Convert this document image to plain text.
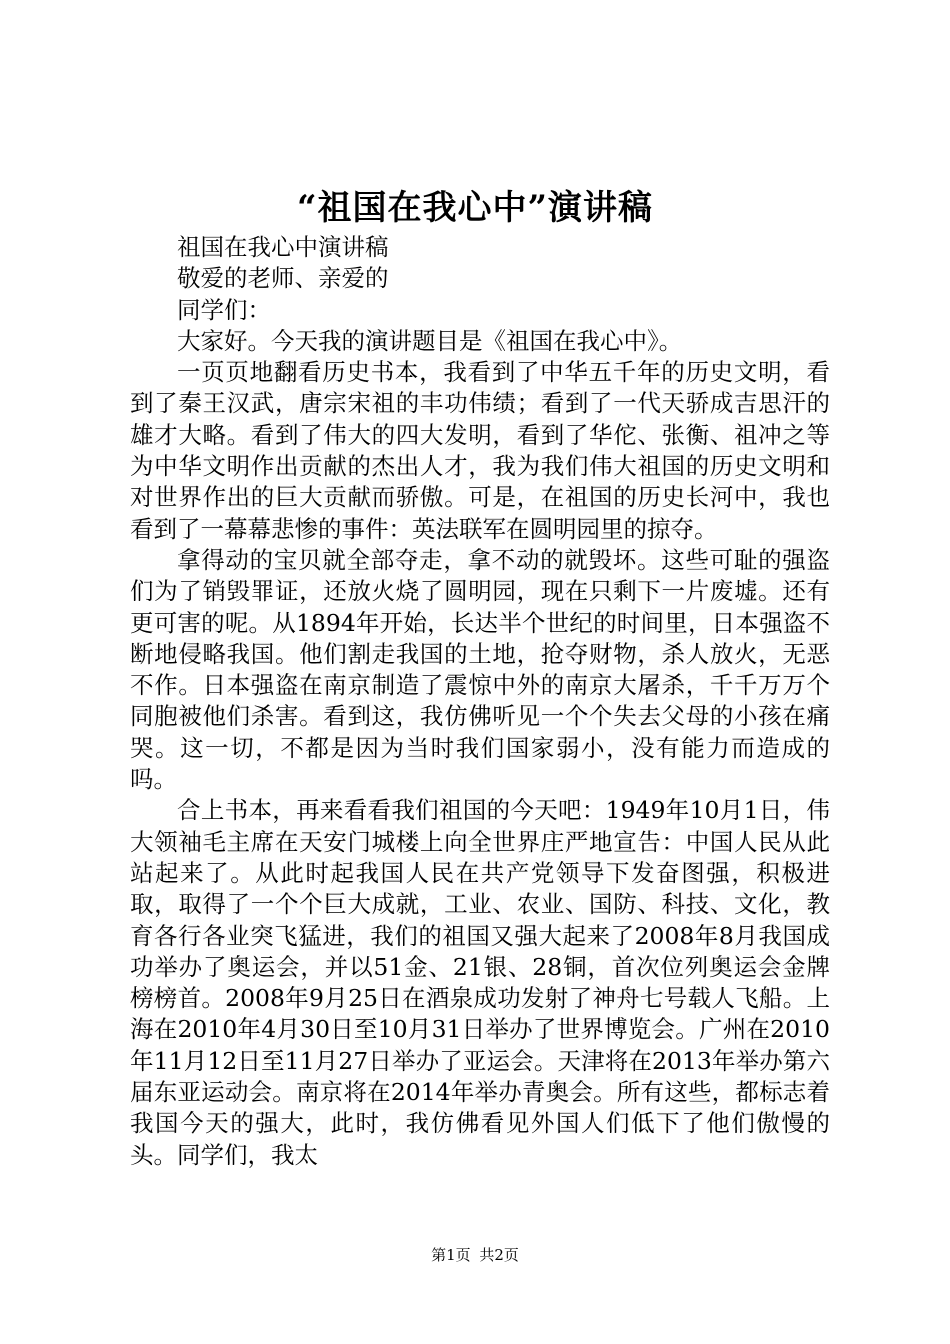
“祖国在我心中”演讲稿

祖国在我心中演讲稿

敬爱的老师、亲爱的

同学们：

大家好。今天我的演讲题目是《祖国在我心中》。

一页页地翻看历史书本，我看到了中华五千年的历史文明，看到了秦王汉武，唐宗宋祖的丰功伟绩；看到了一代天骄成吉思汗的雄才大略。看到了伟大的四大发明，看到了华佗、张衡、祖冲之等为中华文明作出贡献的杰出人才，我为我们伟大祖国的历史文明和对世界作出的巨大贡献而骄傲。可是，在祖国的历史长河中，我也看到了一幕幕悲惨的事件：英法联军在圆明园里的掠夺。

拿得动的宝贝就全部夺走，拿不动的就毁坏。这些可耻的强盗们为了销毁罪证，还放火烧了圆明园，现在只剩下一片废墟。还有更可害的呢。从1894年开始，长达半个世纪的时间里，日本强盗不断地侵略我国。他们割走我国的土地，抢夺财物，杀人放火，无恶不作。日本强盗在南京制造了震惊中外的南京大屠杀，千千万万个同胞被他们杀害。看到这，我仿佛听见一个个失去父母的小孩在痛哭。这一切，不都是因为当时我们国家弱小，没有能力而造成的吗。

合上书本，再来看看我们祖国的今天吧：1949年10月1日，伟大领袖毛主席在天安门城楼上向全世界庄严地宣告：中国人民从此站起来了。从此时起我国人民在共产党领导下发奋图强，积极进取，取得了一个个巨大成就，工业、农业、国防、科技、文化，教育各行各业突飞猛进，我们的祖国又强大起来了2008年8月我国成功举办了奥运会，并以51金、21银、28铜，首次位列奥运会金牌榜榜首。2008年9月25日在酒泉成功发射了神舟七号载人飞船。上海在2010年4月30日至10月31日举办了世界博览会。广州在2010年11月12日至11月27日举办了亚运会。天津将在2013年举办第六届东亚运动会。南京将在2014年举办青奥会。所有这些，都标志着我国今天的强大，此时，我仿佛看见外国人们低下了他们傲慢的头。同学们，我太

第1页 共2页
